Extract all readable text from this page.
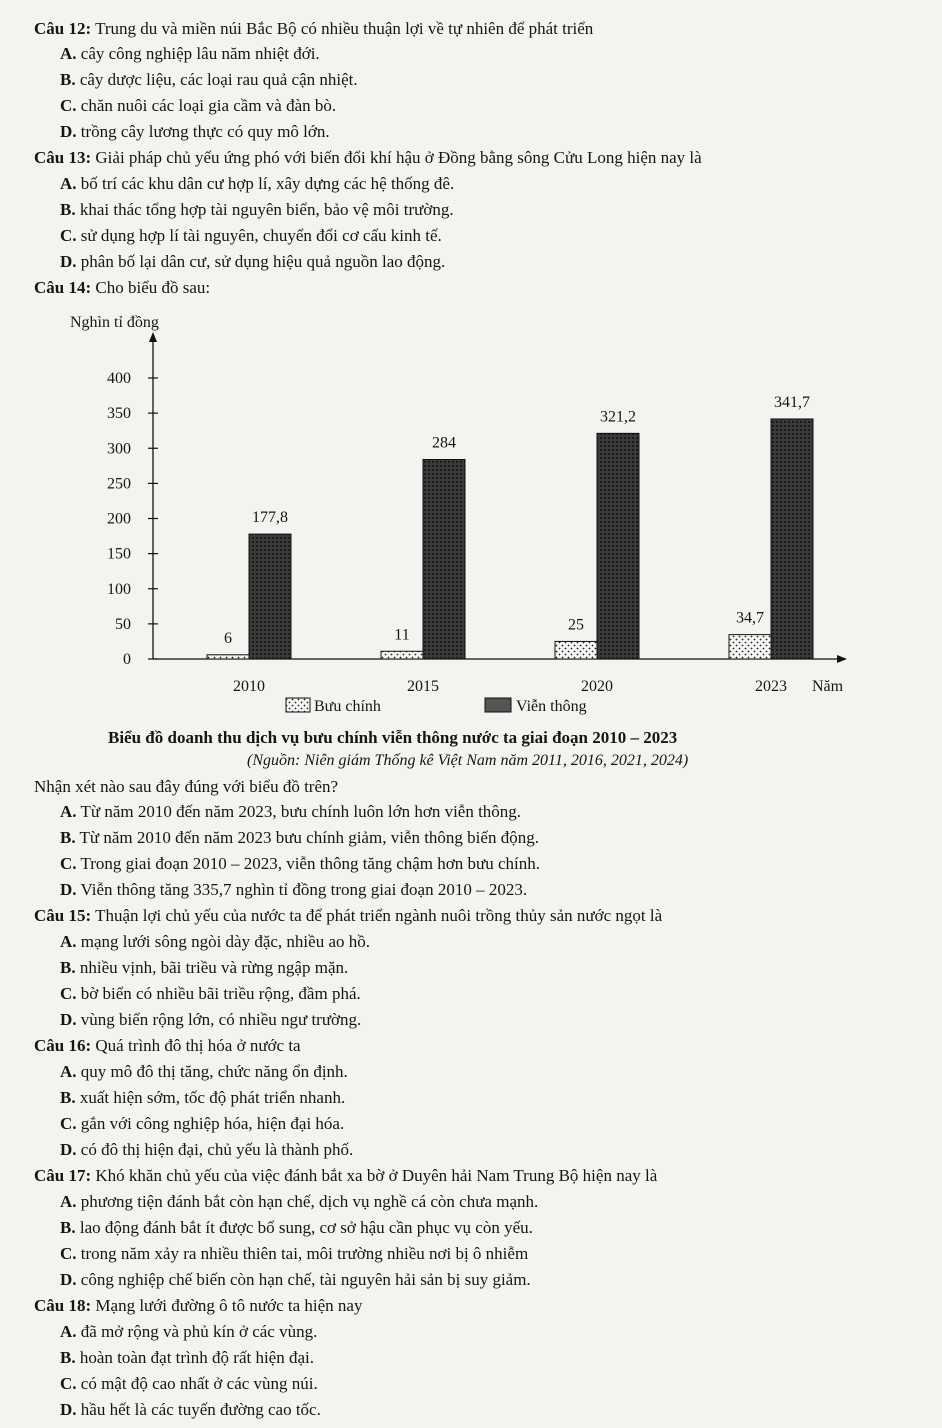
Câu 12: Trung du và miền núi Bắc Bộ có nhiều thuận lợi về tự nhiên để phát triển
A. cây công nghiệp lâu năm nhiệt đới.
B. cây dược liệu, các loại rau quả cận nhiệt.
C. chăn nuôi các loại gia cầm và đàn bò.
D. trồng cây lương thực có quy mô lớn.
Câu 13: Giải pháp chủ yếu ứng phó với biến đổi khí hậu ở Đồng bằng sông Cửu Long hiện nay là
A. bố trí các khu dân cư hợp lí, xây dựng các hệ thống đê.
B. khai thác tổng hợp tài nguyên biển, bảo vệ môi trường.
C. sử dụng hợp lí tài nguyên, chuyển đổi cơ cấu kinh tế.
D. phân bố lại dân cư, sử dụng hiệu quả nguồn lao động.
Câu 14: Cho biểu đồ sau:
Nghìn tỉ đồng
Năm
0
50
100
150
200
250
300
350
400
2010
6
177,8
2015
11
284
2020
25
321,2
2023
34,7
341,7
Bưu chính	Viễn thông
Biểu đồ doanh thu dịch vụ bưu chính viễn thông nước ta giai đoạn 2010 – 2023
(Nguồn: Niên giám Thống kê Việt Nam năm 2011, 2016, 2021, 2024)
Nhận xét nào sau đây đúng với biểu đồ trên?
A. Từ năm 2010 đến năm 2023, bưu chính luôn lớn hơn viễn thông.
B. Từ năm 2010 đến năm 2023 bưu chính giảm, viễn thông biến động.
C. Trong giai đoạn 2010 – 2023, viễn thông tăng chậm hơn bưu chính.
D. Viễn thông tăng 335,7 nghìn tỉ đồng trong giai đoạn 2010 – 2023.
Câu 15: Thuận lợi chủ yếu của nước ta để phát triển ngành nuôi trồng thủy sản nước ngọt là
A. mạng lưới sông ngòi dày đặc, nhiều ao hồ.
B. nhiều vịnh, bãi triều và rừng ngập mặn.
C. bờ biển có nhiều bãi triều rộng, đầm phá.
D. vùng biển rộng lớn, có nhiều ngư trường.
Câu 16: Quá trình đô thị hóa ở nước ta
A. quy mô đô thị tăng, chức năng ổn định.
B. xuất hiện sớm, tốc độ phát triển nhanh.
C. gắn với công nghiệp hóa, hiện đại hóa.
D. có đô thị hiện đại, chủ yếu là thành phố.
Câu 17: Khó khăn chủ yếu của việc đánh bắt xa bờ ở Duyên hải Nam Trung Bộ hiện nay là
A. phương tiện đánh bắt còn hạn chế, dịch vụ nghề cá còn chưa mạnh.
B. lao động đánh bắt ít được bổ sung, cơ sở hậu cần phục vụ còn yếu.
C. trong năm xảy ra nhiều thiên tai, môi trường nhiều nơi bị ô nhiễm
D. công nghiệp chế biến còn hạn chế, tài nguyên hải sản bị suy giảm.
Câu 18: Mạng lưới đường ô tô nước ta hiện nay
A. đã mở rộng và phủ kín ở các vùng.
B. hoàn toàn đạt trình độ rất hiện đại.
C. có mật độ cao nhất ở các vùng núi.
D. hầu hết là các tuyến đường cao tốc.
